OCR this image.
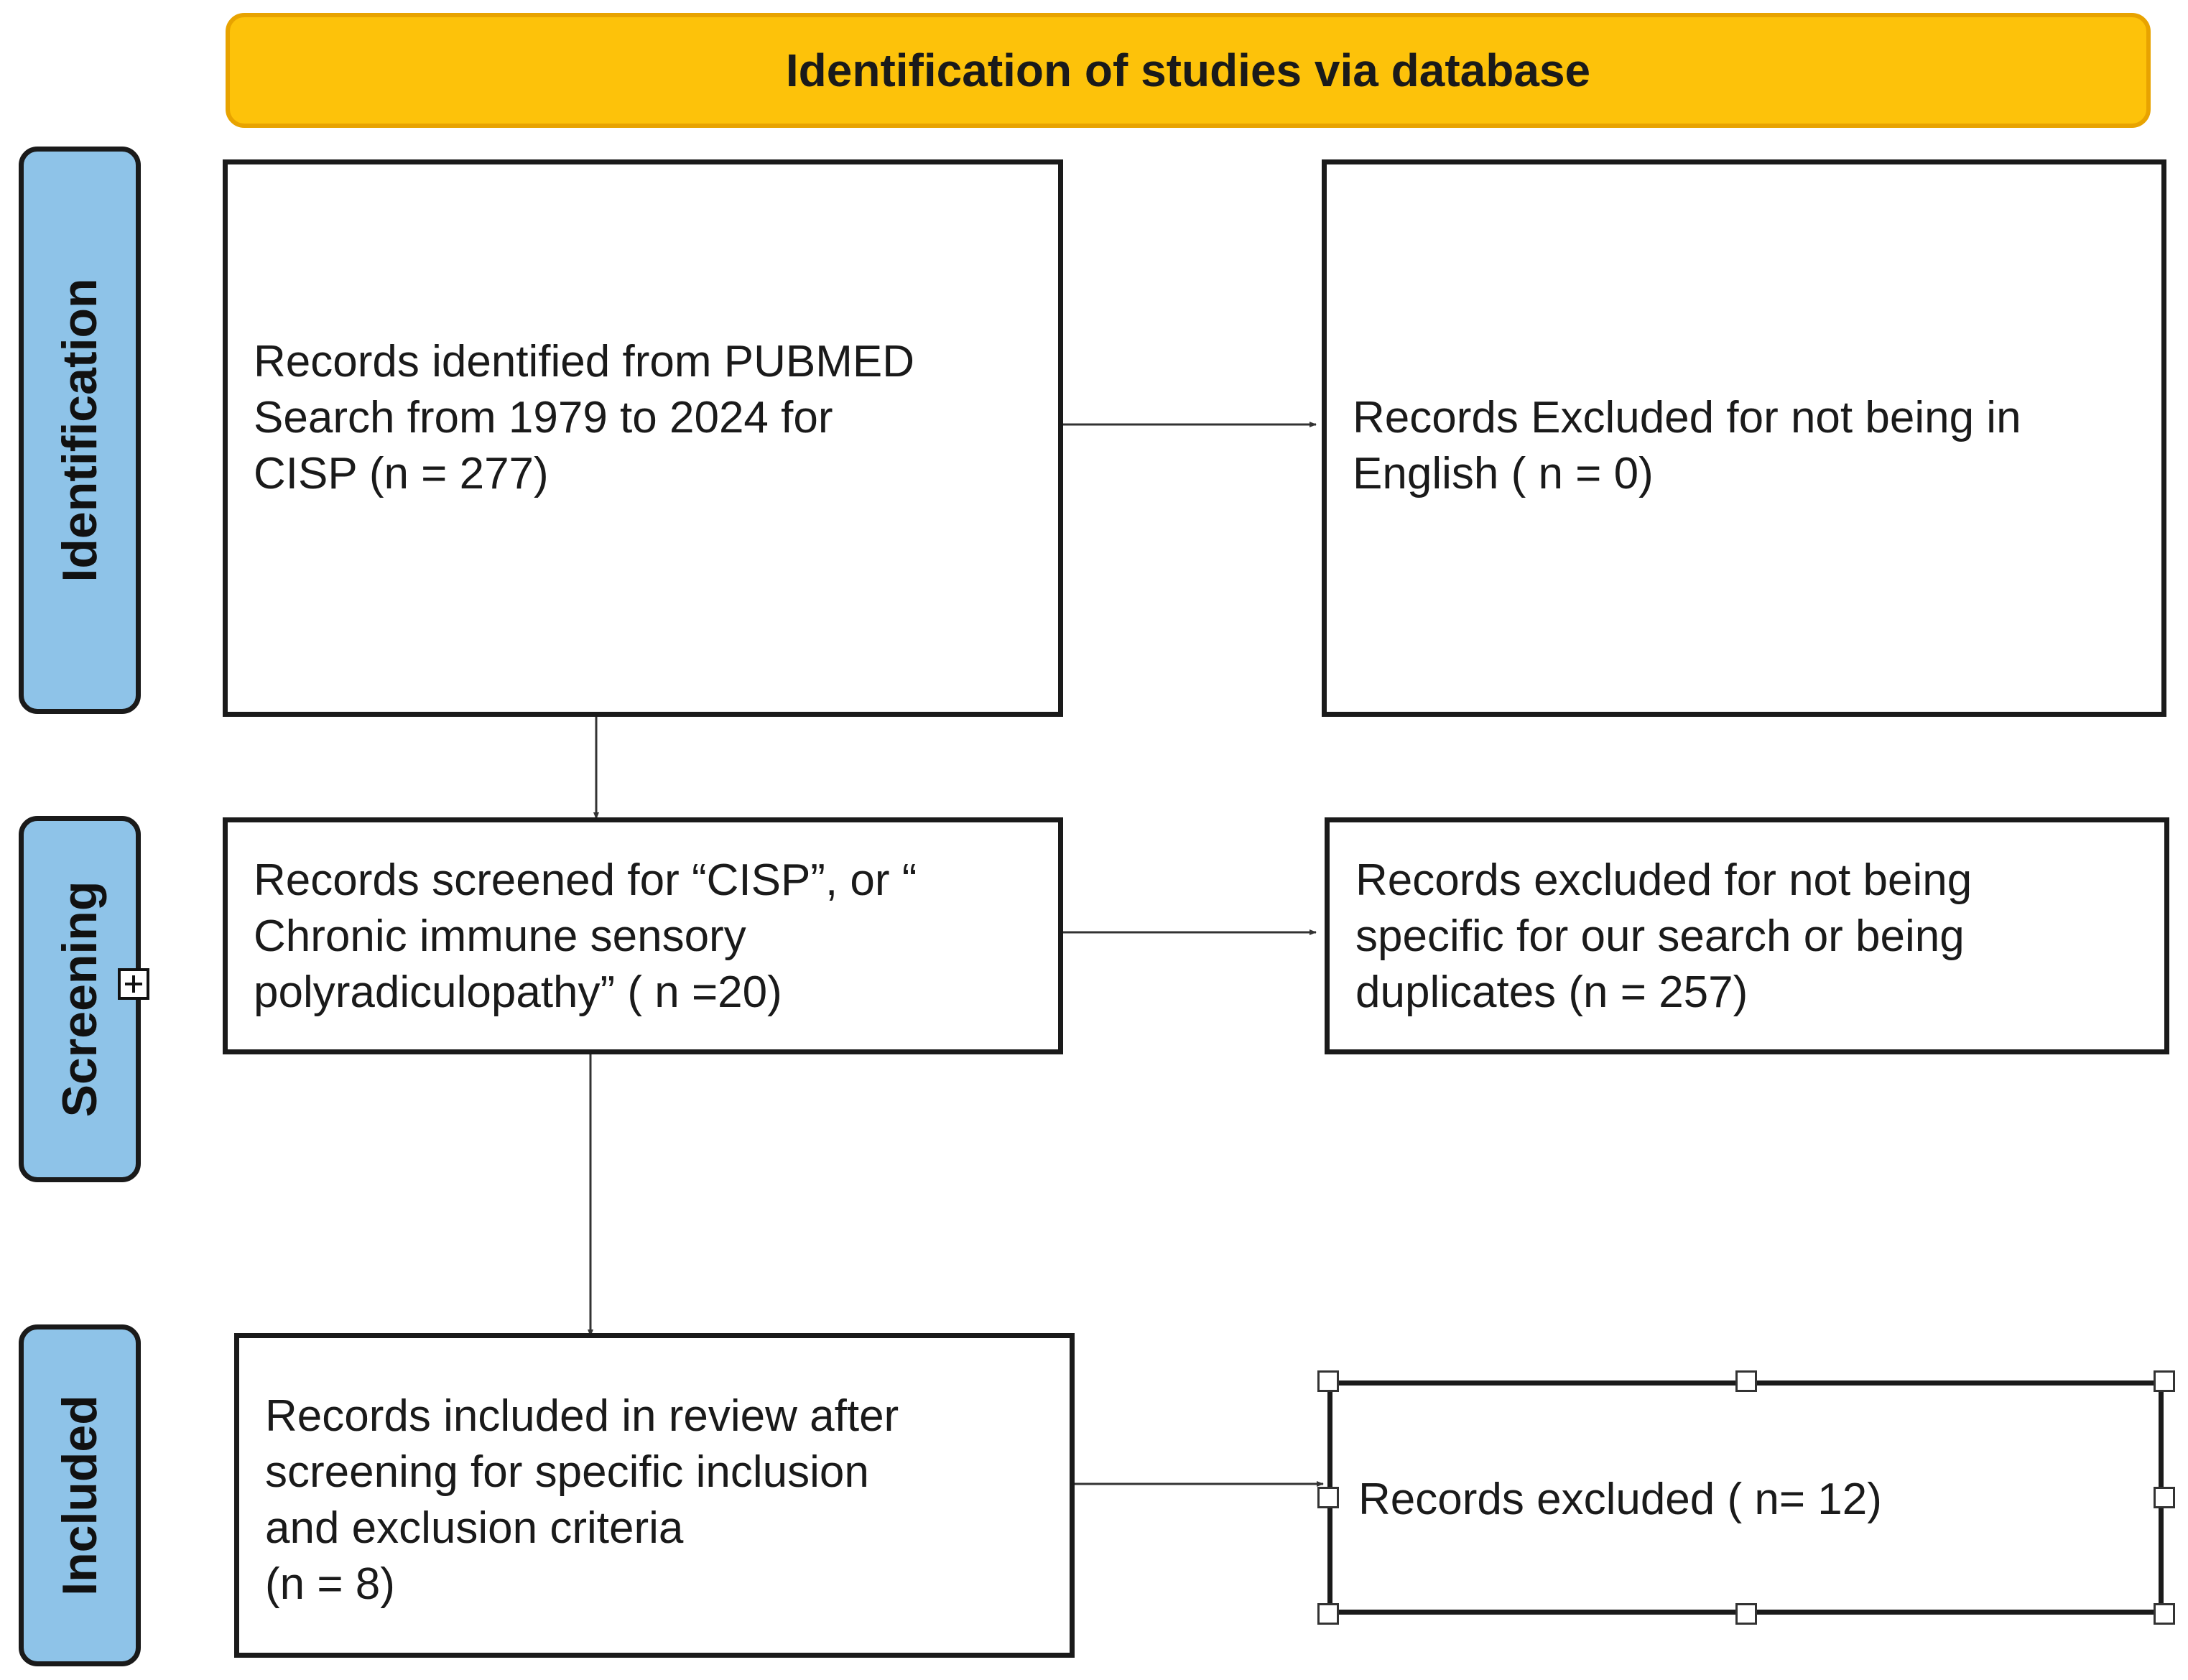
Identification of studies via database
Identification
Screening
Included
Records identified from PUBMED
Search from 1979 to 2024 for
CISP (n = 277)
Records Excluded for not being in
English ( n = 0)
Records screened for “CISP”, or “
Chronic immune sensory
polyradiculopathy” ( n =20)
Records excluded for not being
specific for our search or being
duplicates (n = 257)
Records included in review after
screening for specific inclusion
and exclusion criteria
(n = 8)
Records excluded ( n= 12)
